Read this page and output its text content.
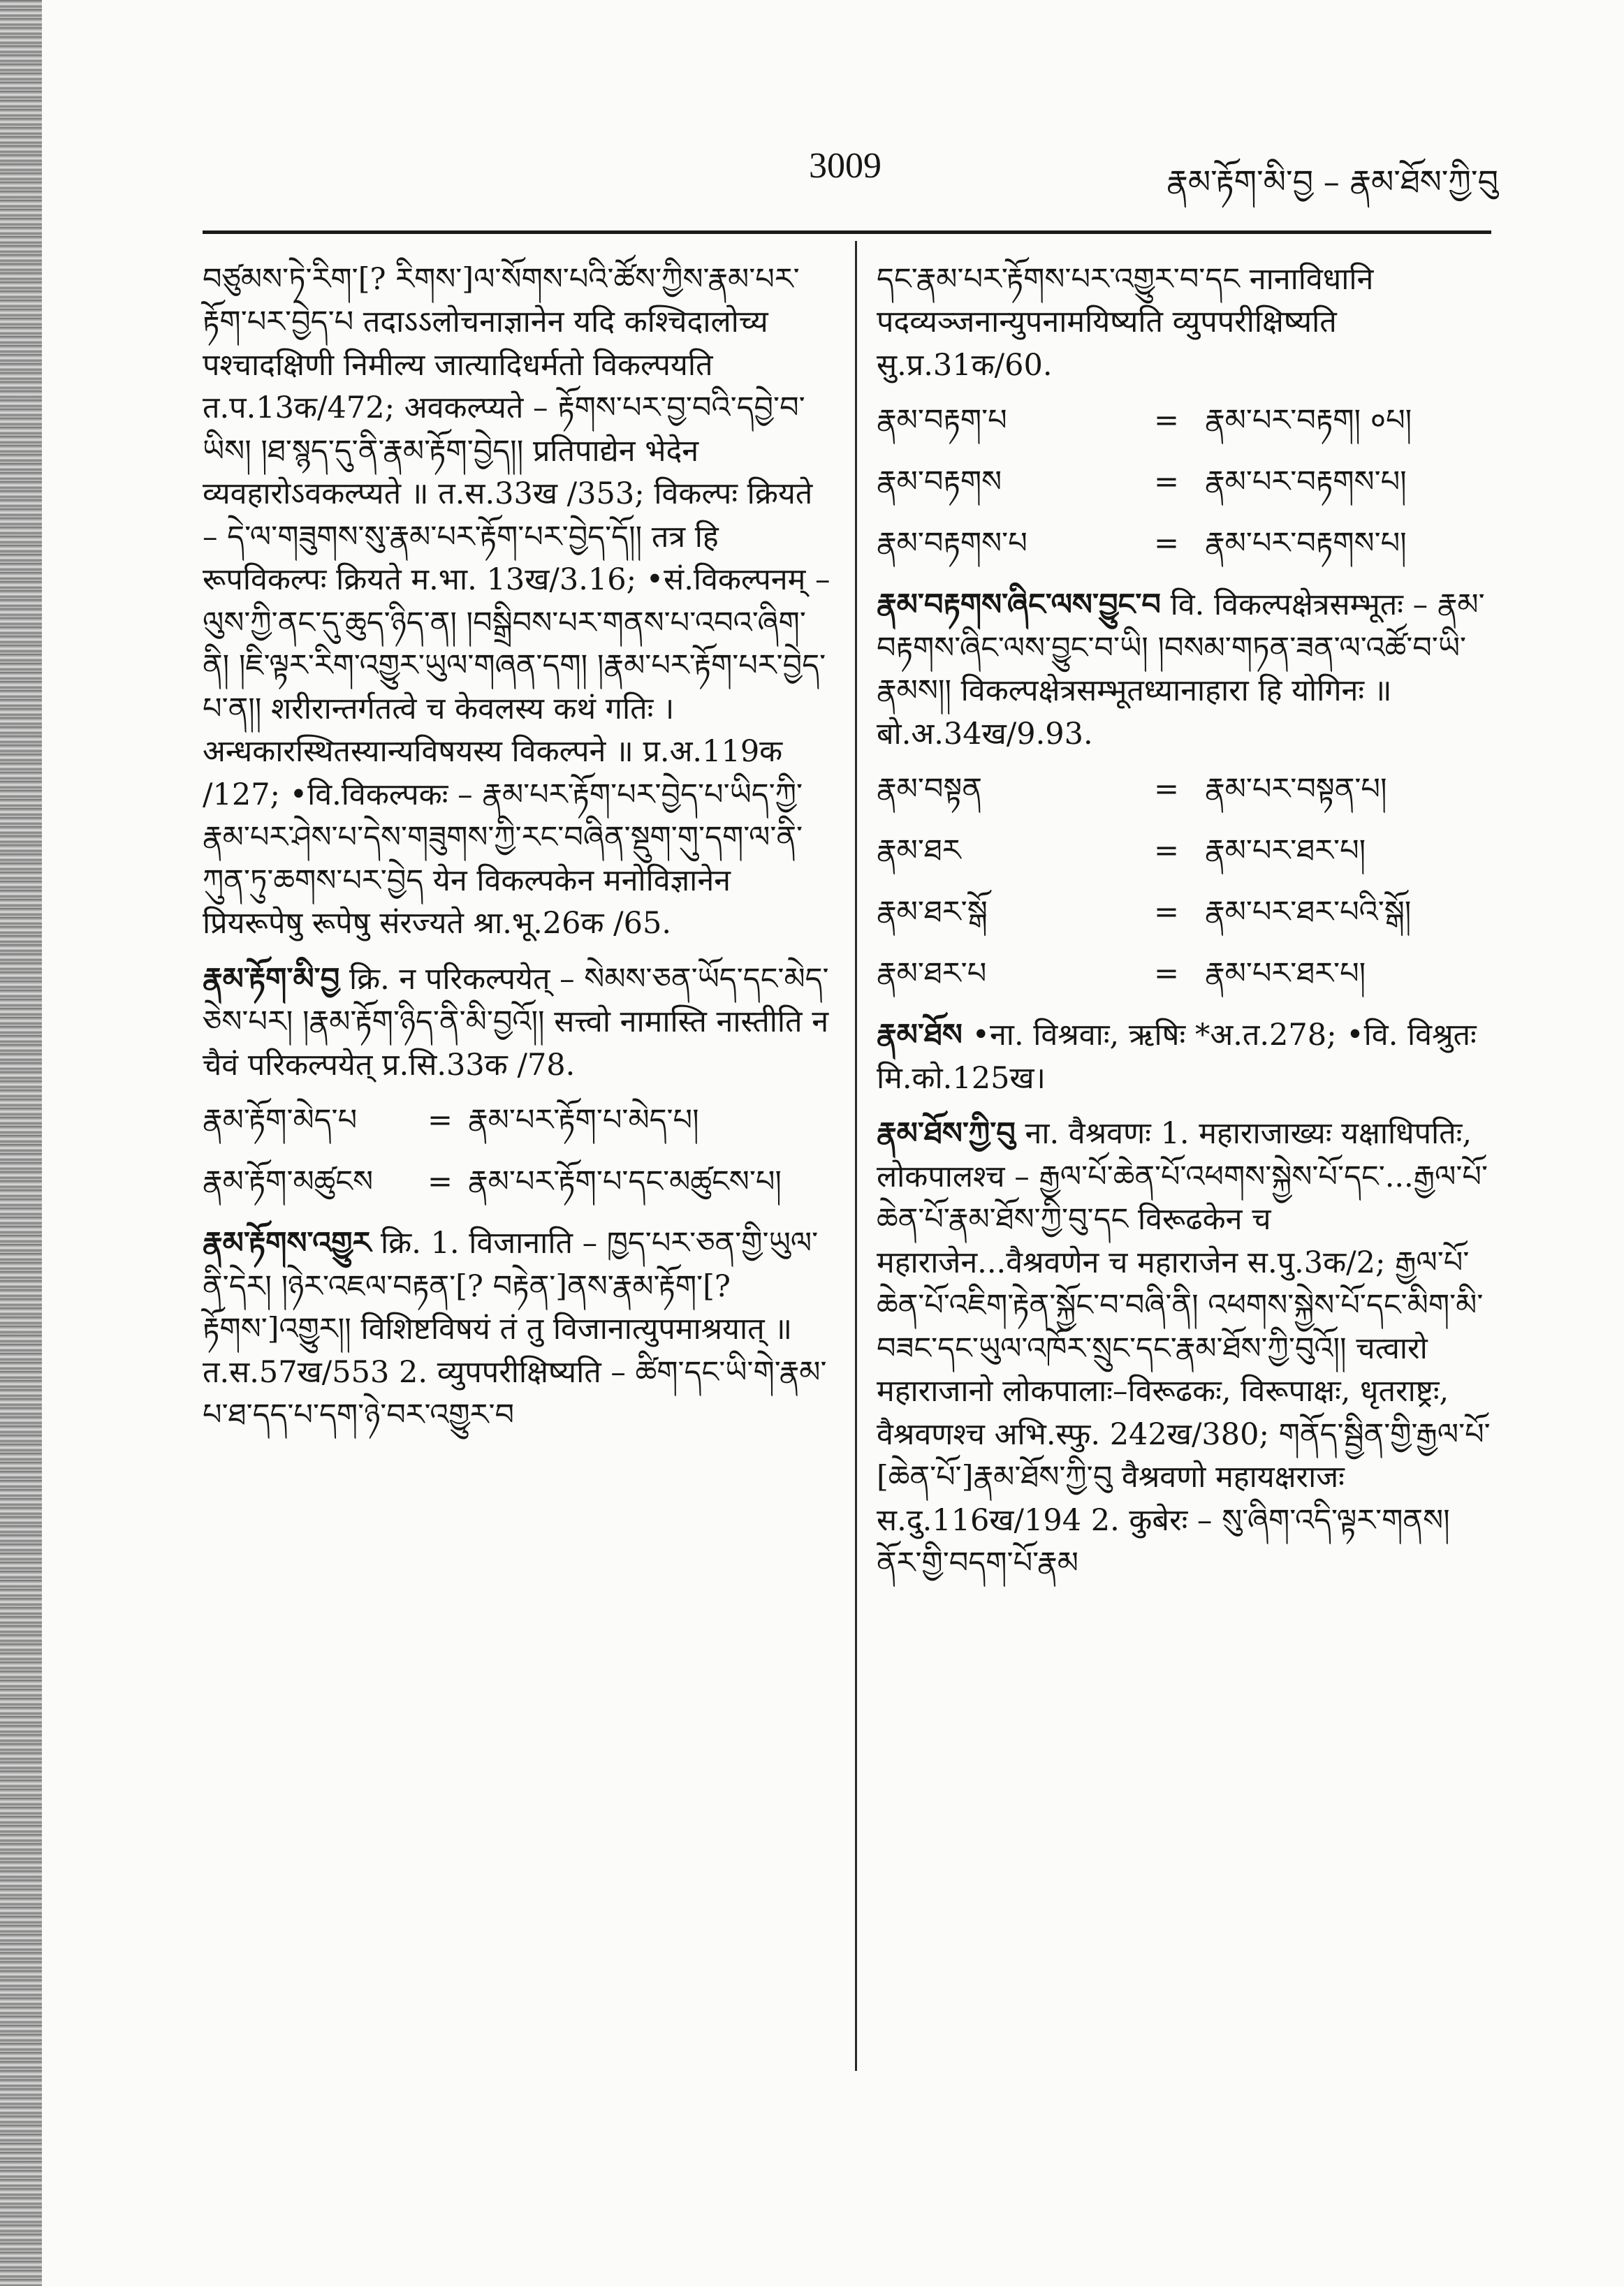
3009	རྣམ་རྟོག་མི་བྱ – རྣམ་ཐོས་ཀྱི་བུ

བཙུམས་ཏེ་རིག་[? རིགས་]ལ་སོགས་པའི་ཚོས་ཀྱིས་རྣམ་པར་རྟོག་པར་བྱེད་པ तदाऽऽलोचनाज्ञानेन यदि कश्चिदालोच्य पश्चादक्षिणी निमील्य जात्यादिधर्मतो विकल्पयति त.प.13क/472; अवकल्प्यते – རྟོགས་པར་བྱ་བའི་དབྱེ་བ་ཡིས། །ཐ་སྙད་དུ་ནི་རྣམ་རྟོག་བྱེད།། प्रतिपाद्येन भेदेन व्यवहारोऽवकल्प्यते ॥ त.स.33ख /353; विकल्पः क्रियते – དེ་ལ་གཟུགས་སུ་རྣམ་པར་རྟོག་པར་བྱེད་དོ།། तत्र हि रूपविकल्पः क्रियते म.भा. 13ख/3.16; •सं.विकल्पनम् – ལུས་ཀྱི་ནང་དུ་ཆུད་ཉིད་ན། །བསྒྲིབས་པར་གནས་པ་འབའ་ཞིག་ནི། །ཇི་ལྟར་རིག་འགྱུར་ཡུལ་གཞན་དག། །རྣམ་པར་རྟོག་པར་བྱེད་པ་ན།། शरीरान्तर्गतत्वे च केवलस्य कथं गतिः । अन्धकारस्थितस्यान्यविषयस्य विकल्पने ॥ प्र.अ.119क /127; •वि.विकल्पकः – རྣམ་པར་རྟོག་པར་བྱེད་པ་ཡིད་ཀྱི་རྣམ་པར་ཤེས་པ་དེས་གཟུགས་ཀྱི་རང་བཞིན་སྡུག་གུ་དག་ལ་ནི་ཀུན་ཏུ་ཆགས་པར་བྱེད येन विकल्पकेन मनोविज्ञानेन प्रियरूपेषु रूपेषु संरज्यते श्रा.भू.26क /65.

རྣམ་རྟོག་མི་བྱ क्रि. न परिकल्पयेत् – སེམས་ཅན་ཡོད་དང་མེད་ཅེས་པར། །རྣམ་རྟོག་ཉིད་ནི་མི་བྱའོ།། सत्त्वो नामास्ति नास्तीति न चैवं परिकल्पयेत् प्र.सि.33क /78.

རྣམ་རྟོག་མེད་པ	= རྣམ་པར་རྟོག་པ་མེད་པ།
རྣམ་རྟོག་མཚུངས	= རྣམ་པར་རྟོག་པ་དང་མཚུངས་པ།

རྣམ་རྟོགས་འགྱུར क्रि. 1. विजानाति – ཁྱད་པར་ཅན་གྱི་ཡུལ་ནི་དེར། །ཉེར་འཇལ་བརྟན་[? བརྟེན་]ནས་རྣམ་རྟོག་[? རྟོགས་]འགྱུར།། विशिष्टविषयं तं तु विजानात्युपमाश्रयात् ॥ त.स.57ख/553 2. व्युपपरीक्षिष्यति – ཚིག་དང་ཡི་གེ་རྣམ་པ་ཐ་དད་པ་དག་ཉེ་བར་འགྱུར་བ

དང་རྣམ་པར་རྟོགས་པར་འགྱུར་བ་དང नानाविधानि पदव्यञ्जनान्युपनामयिष्यति व्युपपरीक्षिष्यति सु.प्र.31क/60.

རྣམ་བརྟག་པ	= རྣམ་པར་བརྟག། ०པ།
རྣམ་བརྟགས	= རྣམ་པར་བརྟགས་པ།
རྣམ་བརྟགས་པ	= རྣམ་པར་བརྟགས་པ།

རྣམ་བརྟགས་ཞིང་ལས་བྱུང་བ वि. विकल्पक्षेत्रसम्भूतः – རྣམ་བརྟགས་ཞིང་ལས་བྱུང་བ་ཡི། །བསམ་གཏན་ཟན་ལ་འཚོ་བ་ཡི་རྣམས།། विकल्पक्षेत्रसम्भूतध्यानाहारा हि योगिनः ॥ बो.अ.34ख/9.93.

རྣམ་བསྟན	= རྣམ་པར་བསྟན་པ།
རྣམ་ཐར	= རྣམ་པར་ཐར་པ།
རྣམ་ཐར་སྒོ	= རྣམ་པར་ཐར་པའི་སྒོ།
རྣམ་ཐར་པ	= རྣམ་པར་ཐར་པ།

རྣམ་ཐོས •ना. विश्रवाः, ऋषिः *अ.त.278; •वि. विश्रुतः मि.को.125ख।

རྣམ་ཐོས་ཀྱི་བུ ना. वैश्रवणः 1. महाराजाख्यः यक्षाधिपतिः, लोकपालश्च – རྒྱལ་པོ་ཆེན་པོ་འཕགས་སྐྱེས་པོ་དང་...རྒྱལ་པོ་ཆེན་པོ་རྣམ་ཐོས་ཀྱི་བུ་དང विरूढकेन च महाराजेन...वैश्रवणेन च महाराजेन स.पु.3क/2; རྒྱལ་པོ་ཆེན་པོ་འཇིག་རྟེན་སྐྱོང་བ་བཞི་ནི། འཕགས་སྐྱེས་པོ་དང་མིག་མི་བཟང་དང་ཡུལ་འཁོར་སྲུང་དང་རྣམ་ཐོས་ཀྱི་བུའོ།། चत्वारो महाराजानो लोकपालाः–विरूढकः, विरूपाक्षः, धृतराष्ट्रः, वैश्रवणश्च अभि.स्फु. 242ख/380; གནོད་སྦྱིན་གྱི་རྒྱལ་པོ་[ཆེན་པོ་]རྣམ་ཐོས་ཀྱི་བུ वैश्रवणो महायक्षराजः स.दु.116ख/194 2. कुबेरः – སུ་ཞིག་འདི་ལྟར་གནས། ནོར་གྱི་བདག་པོ་རྣམ
